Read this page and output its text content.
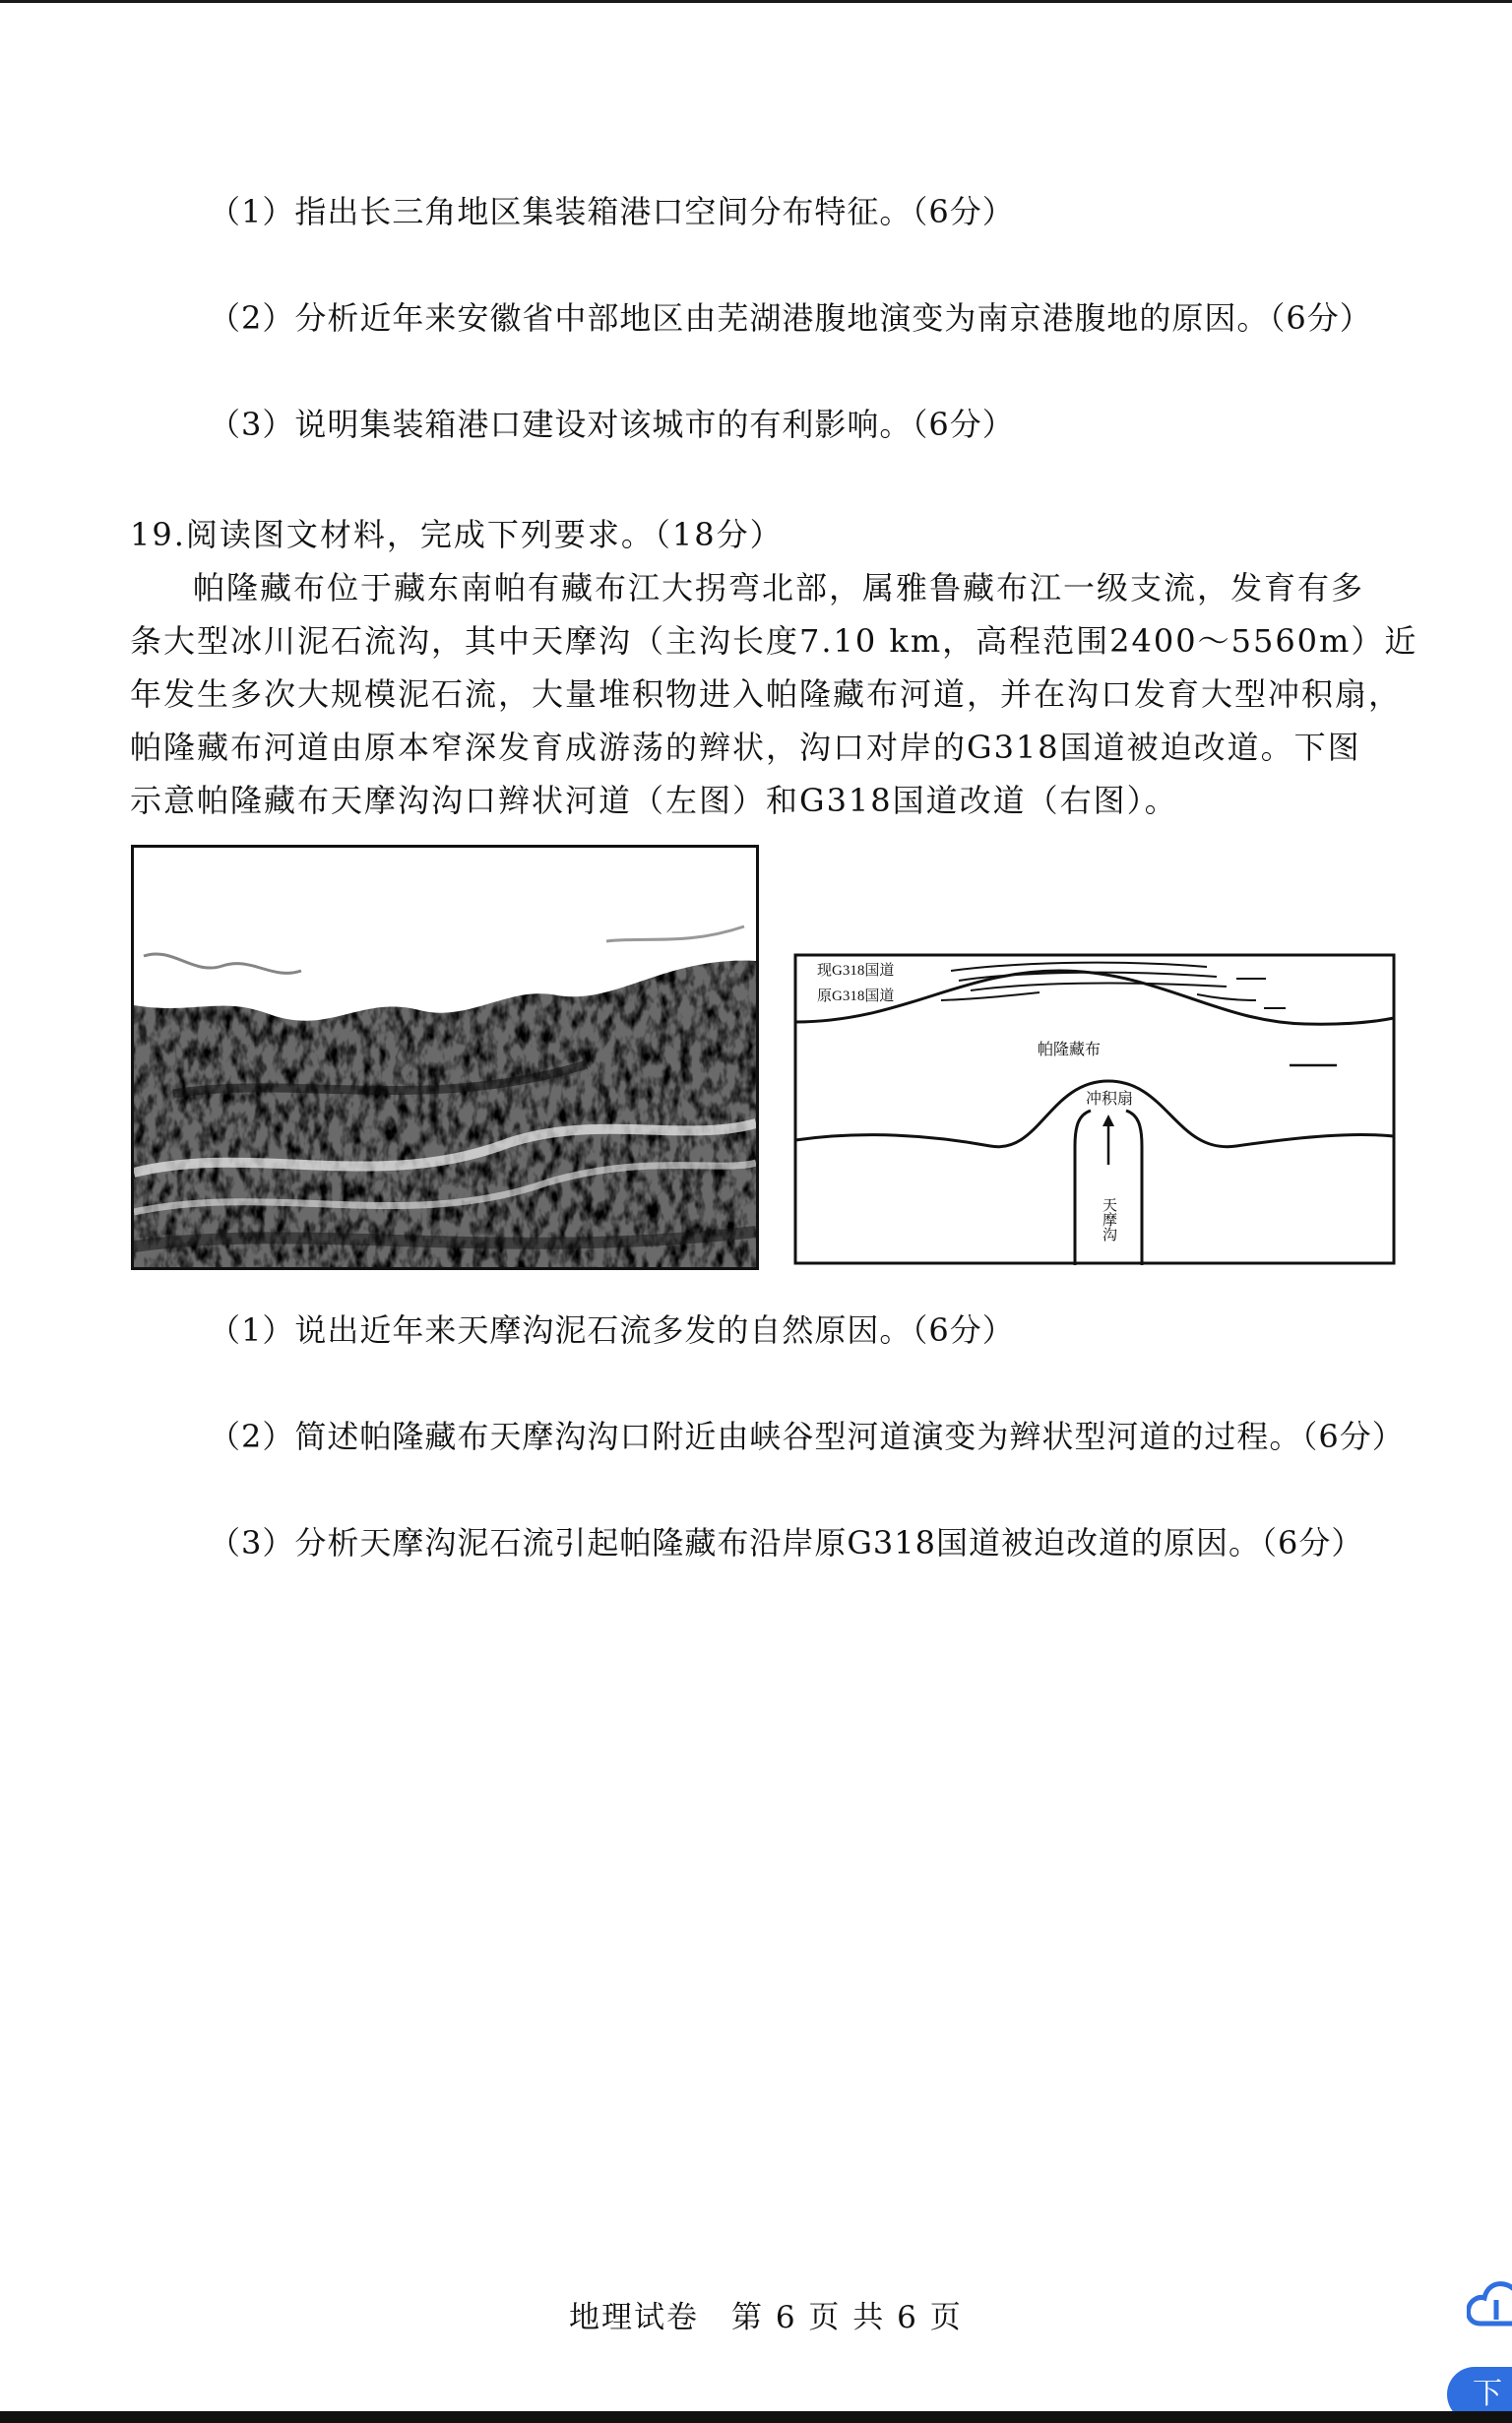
（1）指出长三角地区集装箱港口空间分布特征。（6分）
（2）分析近年来安徽省中部地区由芜湖港腹地演变为南京港腹地的原因。（6分）
（3）说明集装箱港口建设对该城市的有利影响。（6分）
19.阅读图文材料，完成下列要求。（18分）
帕隆藏布位于藏东南帕有藏布江大拐弯北部，属雅鲁藏布江一级支流，发育有多
条大型冰川泥石流沟，其中天摩沟（主沟长度7.10 km，高程范围2400～5560m）近
年发生多次大规模泥石流，大量堆积物进入帕隆藏布河道，并在沟口发育大型冲积扇，
帕隆藏布河道由原本窄深发育成游荡的辫状，沟口对岸的G318国道被迫改道。下图
示意帕隆藏布天摩沟沟口辫状河道（左图）和G318国道改道（右图）。
现G318国道
原G318国道
帕隆藏布
冲积扇
天摩沟
（1）说出近年来天摩沟泥石流多发的自然原因。（6分）
（2）简述帕隆藏布天摩沟沟口附近由峡谷型河道演变为辫状型河道的过程。（6分）
（3）分析天摩沟泥石流引起帕隆藏布沿岸原G318国道被迫改道的原因。（6分）
地理试卷　第 6 页 共 6 页
下
